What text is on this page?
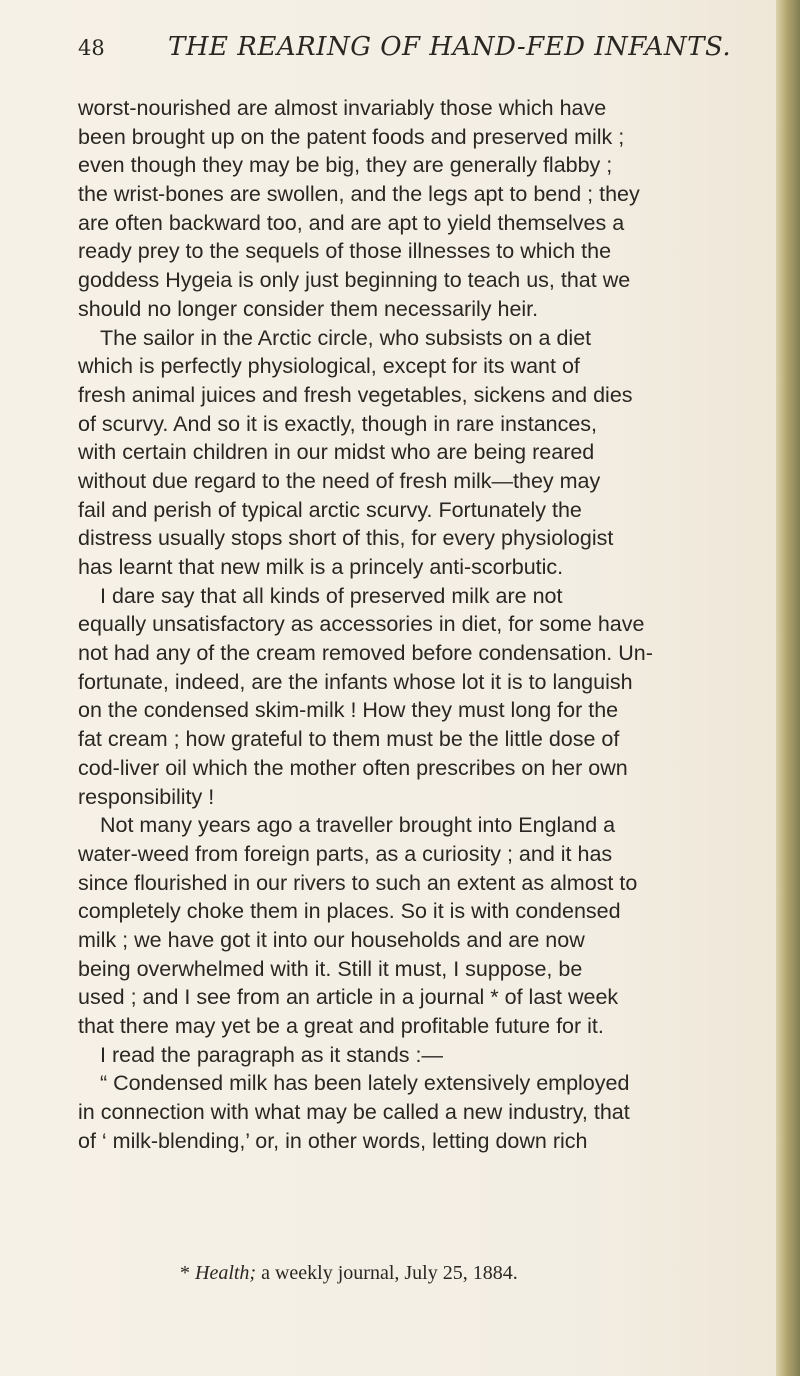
48 THE REARING OF HAND-FED INFANTS.
worst-nourished are almost invariably those which have
been brought up on the patent foods and preserved milk ;
even though they may be big, they are generally flabby ;
the wrist-bones are swollen, and the legs apt to bend ; they
are often backward too, and are apt to yield themselves a
ready prey to the sequels of those illnesses to which the
goddess Hygeia is only just beginning to teach us, that we
should no longer consider them necessarily heir.
The sailor in the Arctic circle, who subsists on a diet
which is perfectly physiological, except for its want of
fresh animal juices and fresh vegetables, sickens and dies
of scurvy. And so it is exactly, though in rare instances,
with certain children in our midst who are being reared
without due regard to the need of fresh milk—they may
fail and perish of typical arctic scurvy. Fortunately the
distress usually stops short of this, for every physiologist
has learnt that new milk is a princely anti-scorbutic.
I dare say that all kinds of preserved milk are not
equally unsatisfactory as accessories in diet, for some have
not had any of the cream removed before condensation. Un-
fortunate, indeed, are the infants whose lot it is to languish
on the condensed skim-milk ! How they must long for the
fat cream ; how grateful to them must be the little dose of
cod-liver oil which the mother often prescribes on her own
responsibility !
Not many years ago a traveller brought into England a
water-weed from foreign parts, as a curiosity ; and it has
since flourished in our rivers to such an extent as almost to
completely choke them in places. So it is with condensed
milk ; we have got it into our households and are now
being overwhelmed with it. Still it must, I suppose, be
used ; and I see from an article in a journal * of last week
that there may yet be a great and profitable future for it.
I read the paragraph as it stands :—
“ Condensed milk has been lately extensively employed
in connection with what may be called a new industry, that
of ‘ milk-blending,’ or, in other words, letting down rich
* Health; a weekly journal, July 25, 1884.
